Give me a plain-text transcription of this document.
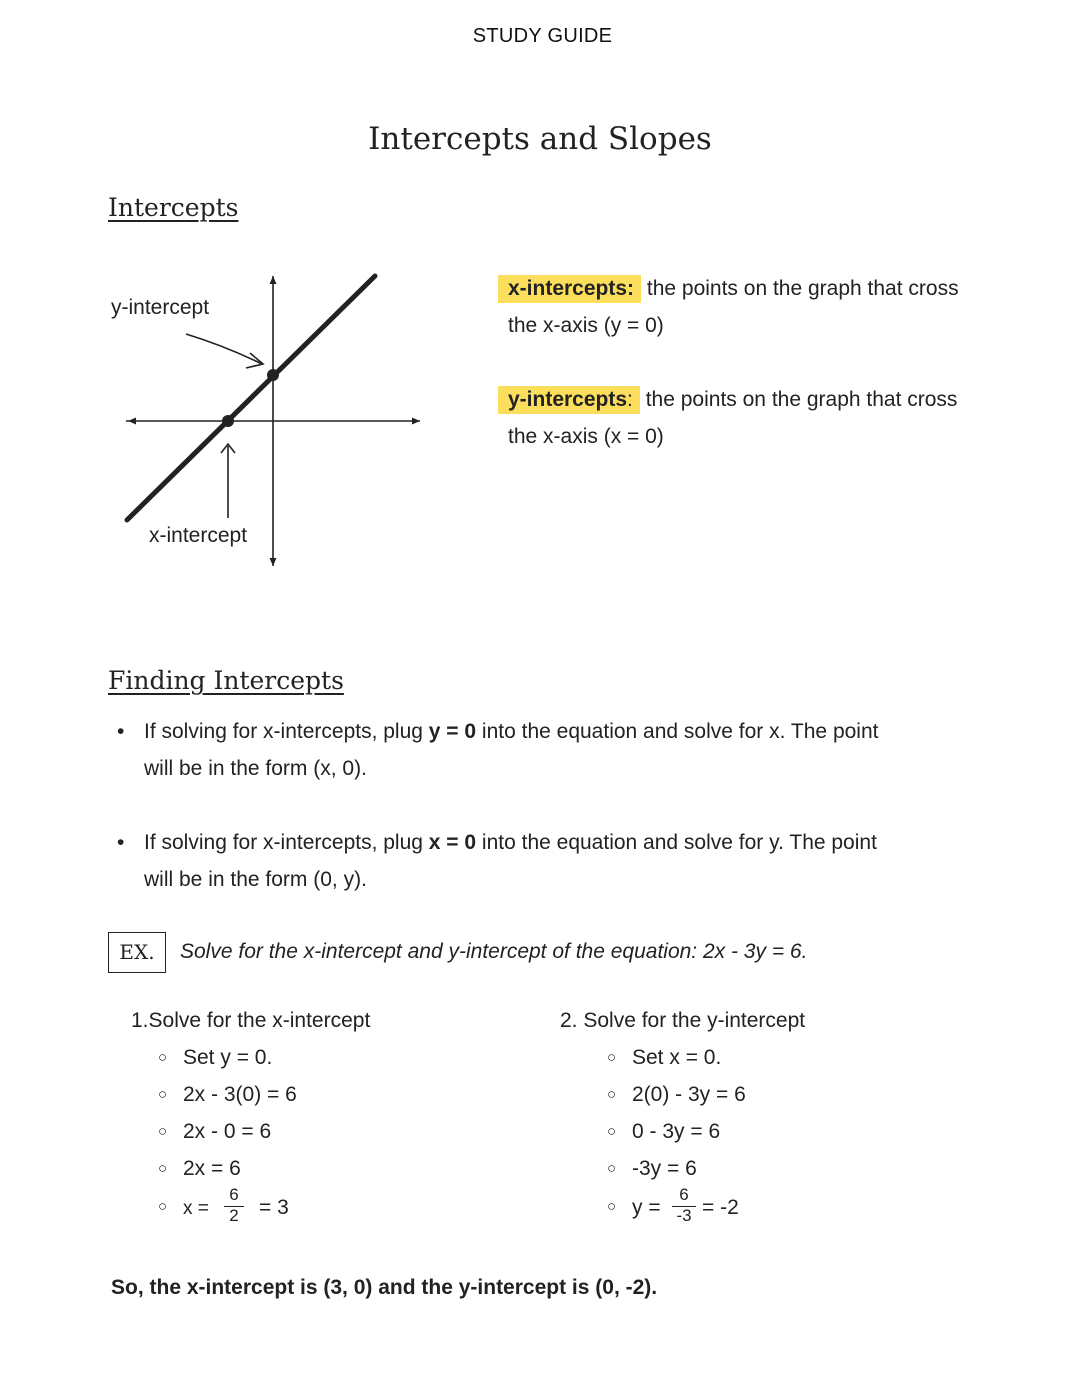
STUDY GUIDE
Intercepts and Slopes
Intercepts
y-intercept
x-intercept
x-intercepts: the points on the graph that cross
the x-axis (y = 0)
y-intercepts: the points on the graph that cross
the x-axis (x = 0)
Finding Intercepts
• If solving for x-intercepts, plug y = 0 into the equation and solve for x. The point
will be in the form (x, 0).
• If solving for x-intercepts, plug x = 0 into the equation and solve for y. The point
will be in the form (0, y).
EX.	Solve for the x-intercept and y-intercept of the equation: 2x - 3y = 6.
1.Solve for the x-intercept
○ Set y = 0.
○ 2x - 3(0) = 6
○ 2x - 0 = 6
○ 2x = 6
○ x =
6
2 = 3
2. Solve for the y-intercept
○ Set x = 0.
○ 2(0) - 3y = 6
○ 0 - 3y = 6
○ -3y = 6
○ y =
6
-3 = -2
So, the x-intercept is (3, 0) and the y-intercept is (0, -2).
